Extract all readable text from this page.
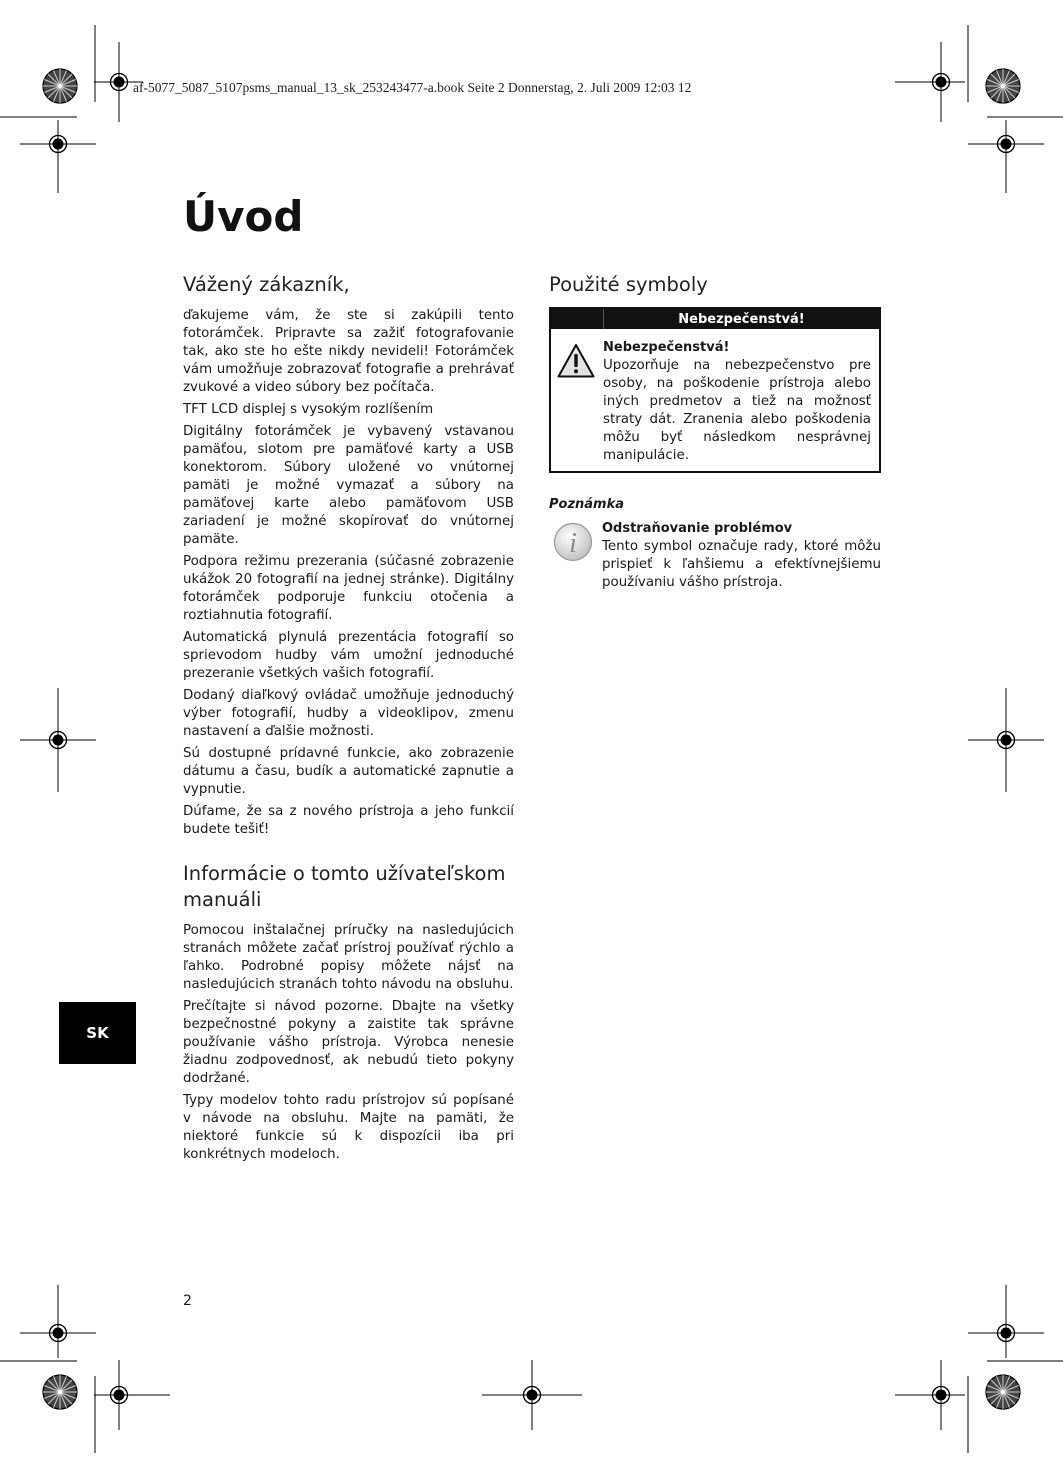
af-5077_5087_5107psms_manual_13_sk_253243477-a.book Seite 2 Donnerstag, 2. Juli 2009 12:03 12
Úvod
Vážený zákazník,

ďakujeme vám, že ste si zakúpili tento fotorámček. Pripravte sa zažiť fotografovanie tak, ako ste ho ešte nikdy nevideli! Fotorámček vám umožňuje zobrazovať fotografie a prehrávať zvukové a video súbory bez počítača.

TFT LCD displej s vysokým rozlíšením

Digitálny fotorámček je vybavený vstavanou pamäťou, slotom pre pamäťové karty a USB konektorom. Súbory uložené vo vnútornej pamäti je možné vymazať a súbory na pamäťovej karte alebo pamäťovom USB zariadení je možné skopírovať do vnútornej pamäte.

Podpora režimu prezerania (súčasné zobrazenie ukážok 20 fotografií na jednej stránke). Digitálny fotorámček podporuje funkciu otočenia a roztiahnutia fotografií.

Automatická plynulá prezentácia fotografií so sprievodom hudby vám umožní jednoduché prezeranie všetkých vašich fotografií.

Dodaný diaľkový ovládač umožňuje jednoduchý výber fotografií, hudby a videoklipov, zmenu nastavení a ďalšie možnosti.

Sú dostupné prídavné funkcie, ako zobrazenie dátumu a času, budík a automatické zapnutie a vypnutie.

Dúfame, že sa z nového prístroja a jeho funkcií budete tešiť!

Informácie o tomto užívateľskom manuáli

Pomocou inštalačnej príručky na nasledujúcich stranách môžete začať prístroj používať rýchlo a ľahko. Podrobné popisy môžete nájsť na nasledujúcich stranách tohto návodu na obsluhu.

Prečítajte si návod pozorne. Dbajte na všetky bezpečnostné pokyny a zaistite tak správne používanie vášho prístroja. Výrobca nenesie žiadnu zodpovednosť, ak nebudú tieto pokyny dodržané.

Typy modelov tohto radu prístrojov sú popísané v návode na obsluhu. Majte na pamäti, že niektoré funkcie sú k dispozícii iba pri konkrétnych modeloch.

Použité symboly
Nebezpečenstvá!
Nebezpečenstvá!

Upozorňuje na nebezpečenstvo pre osoby, na poškodenie prístroja alebo iných predmetov a tiež na možnosť straty dát. Zranenia alebo poškodenia môžu byť následkom nesprávnej manipulácie.

Poznámka
i Odstraňovanie problémov

Tento symbol označuje rady, ktoré môžu prispieť k ľahšiemu a efektívnejšiemu používaniu vášho prístroja.

SK
2
